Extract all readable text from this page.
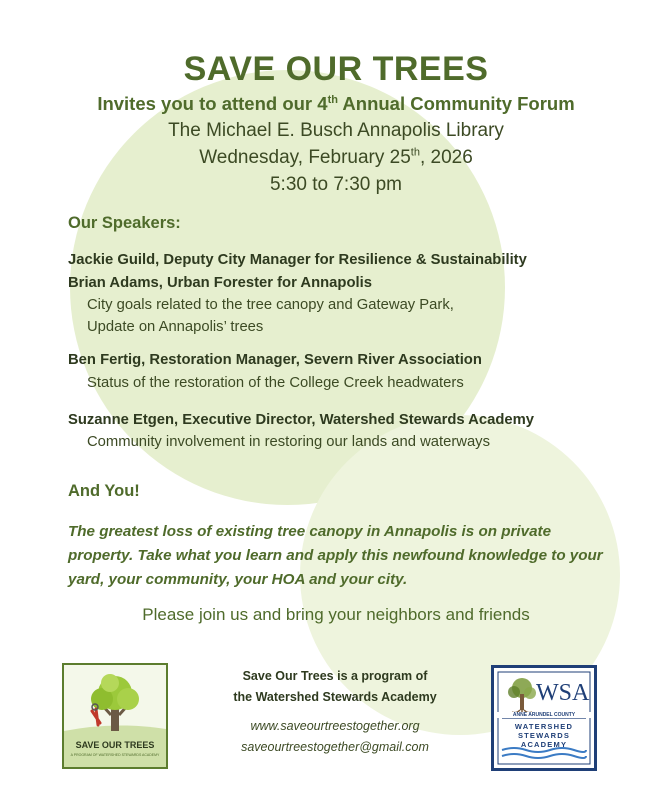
SAVE OUR TREES
Invites you to attend our 4th Annual Community Forum
The Michael E. Busch Annapolis Library
Wednesday, February 25th, 2026
5:30 to 7:30 pm
Our Speakers:
Jackie Guild, Deputy City Manager for Resilience & Sustainability
Brian Adams, Urban Forester for Annapolis
City goals related to the tree canopy and Gateway Park,
Update on Annapolis’ trees
Ben Fertig, Restoration Manager, Severn River Association
Status of the restoration of the College Creek headwaters
Suzanne Etgen, Executive Director, Watershed Stewards Academy
Community involvement in restoring our lands and waterways
And You!
The greatest loss of existing tree canopy in Annapolis is on private property. Take what you learn and apply this newfound knowledge to your yard, your community, your HOA and your city.
Please join us and bring your neighbors and friends
SAVE OUR TREES
A PROGRAM OF WATERSHED STEWARDS ACADEMY
Save Our Trees is a program of
the Watershed Stewards Academy
www.saveourtreestogether.org
saveourtreestogether@gmail.com
WSA
ANNE ARUNDEL COUNTY
WATERSHED
STEWARDS
ACADEMY
